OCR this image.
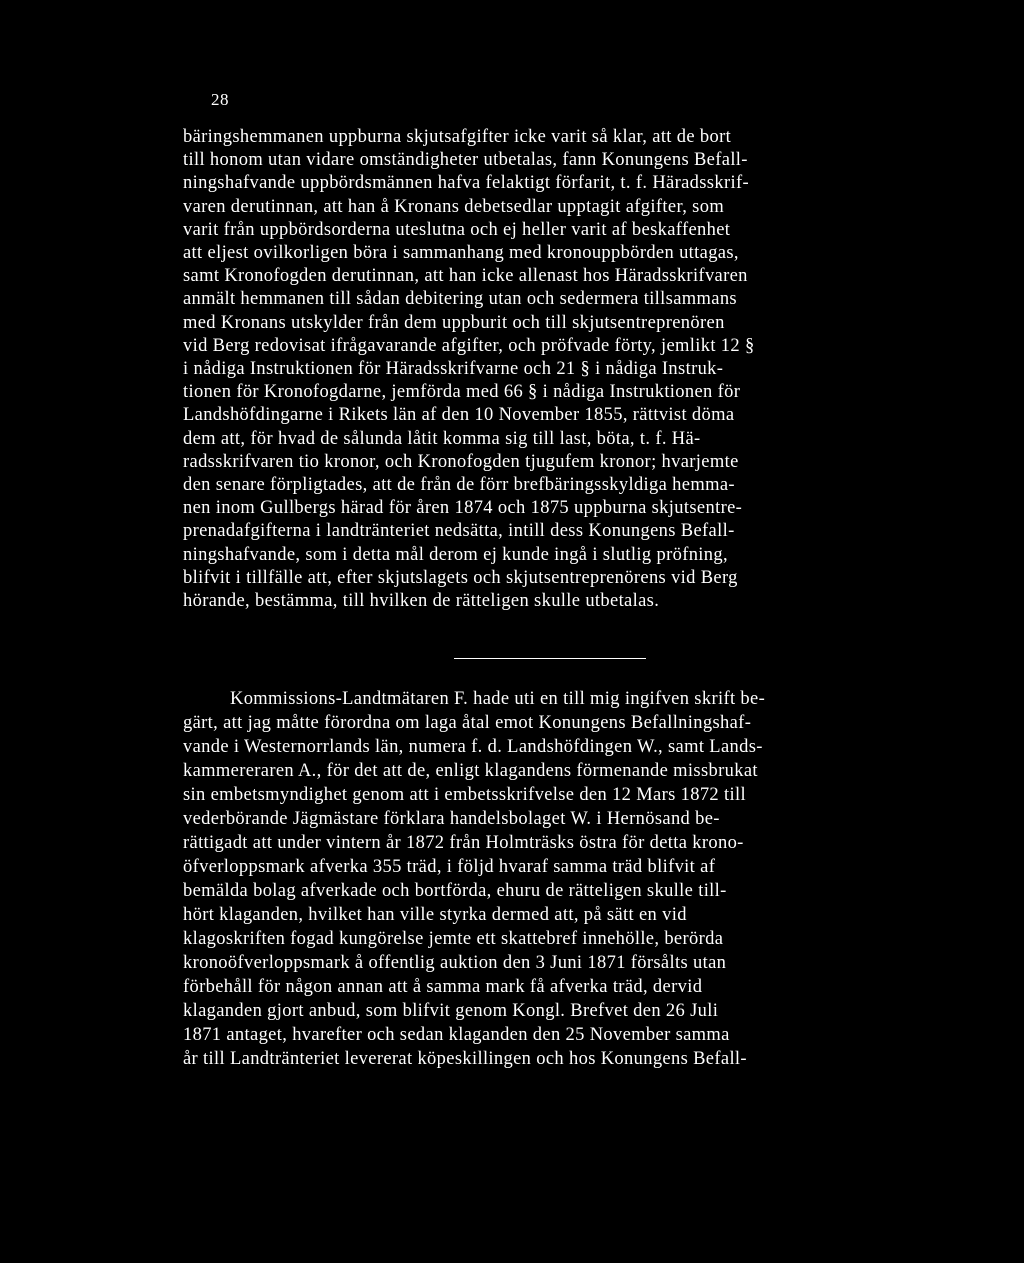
28
bäringshemmanen uppburna skjutsafgifter icke varit så klar, att de bort
till honom utan vidare omständigheter utbetalas, fann Konungens Befall-
ningshafvande uppbördsmännen hafva felaktigt förfarit, t. f. Häradsskrif-
varen derutinnan, att han å Kronans debetsedlar upptagit afgifter, som
varit från uppbördsorderna uteslutna och ej heller varit af beskaffenhet
att eljest ovilkorligen böra i sammanhang med kronouppbörden uttagas,
samt Kronofogden derutinnan, att han icke allenast hos Häradsskrifvaren
anmält hemmanen till sådan debitering utan och sedermera tillsammans
med Kronans utskylder från dem uppburit och till skjutsentreprenören
vid Berg redovisat ifrågavarande afgifter, och pröfvade förty, jemlikt 12 §
i nådiga Instruktionen för Häradsskrifvarne och 21 § i nådiga Instruk-
tionen för Kronofogdarne, jemförda med 66 § i nådiga Instruktionen för
Landshöfdingarne i Rikets län af den 10 November 1855, rättvist döma
dem att, för hvad de sålunda låtit komma sig till last, böta, t. f. Hä-
radsskrifvaren tio kronor, och Kronofogden tjugufem kronor; hvarjemte
den senare förpligtades, att de från de förr brefbäringsskyldiga hemma-
nen inom Gullbergs härad för åren 1874 och 1875 uppburna skjutsentre-
prenadafgifterna i landtränteriet nedsätta, intill dess Konungens Befall-
ningshafvande, som i detta mål derom ej kunde ingå i slutlig pröfning,
blifvit i tillfälle att, efter skjutslagets och skjutsentreprenörens vid Berg
hörande, bestämma, till hvilken de rätteligen skulle utbetalas.
Kommissions-Landtmätaren F. hade uti en till mig ingifven skrift be-
gärt, att jag måtte förordna om laga åtal emot Konungens Befallningshaf-
vande i Westernorrlands län, numera f. d. Landshöfdingen W., samt Lands-
kammereraren A., för det att de, enligt klagandens förmenande missbrukat
sin embetsmyndighet genom att i embetsskrifvelse den 12 Mars 1872 till
vederbörande Jägmästare förklara handelsbolaget W. i Hernösand be-
rättigadt att under vintern år 1872 från Holmträsks östra för detta krono-
öfverloppsmark afverka 355 träd, i följd hvaraf samma träd blifvit af
bemälda bolag afverkade och bortförda, ehuru de rätteligen skulle till-
hört klaganden, hvilket han ville styrka dermed att, på sätt en vid
klagoskriften fogad kungörelse jemte ett skattebref innehölle, berörda
kronoöfverloppsmark å offentlig auktion den 3 Juni 1871 försålts utan
förbehåll för någon annan att å samma mark få afverka träd, dervid
klaganden gjort anbud, som blifvit genom Kongl. Brefvet den 26 Juli
1871 antaget, hvarefter och sedan klaganden den 25 November samma
år till Landtränteriet levererat köpeskillingen och hos Konungens Befall-
